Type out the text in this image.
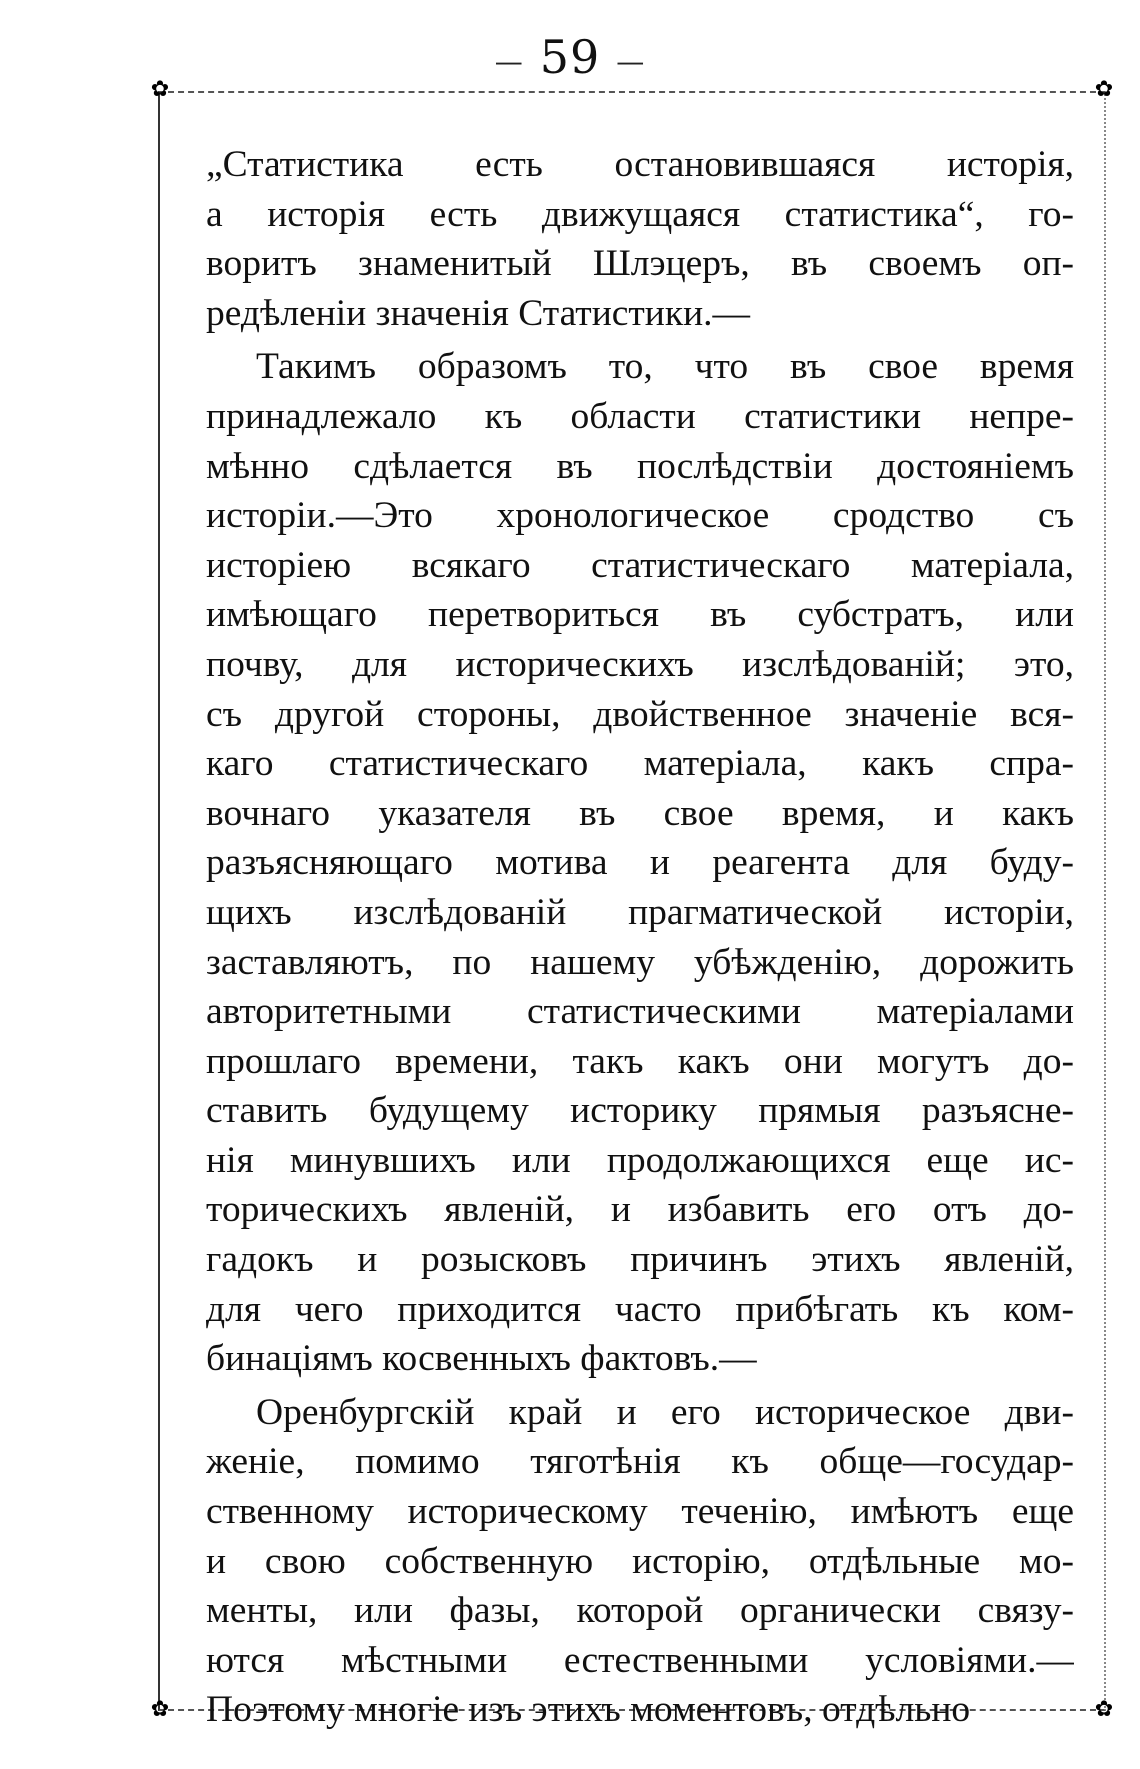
— 59 —
✿	✿
✿	✿
„Статистика есть остановившаяся исторія,
а исторія есть движущаяся статистика“, го-
воритъ знаменитый Шлэцеръ, въ своемъ оп-
редѣленіи значенія Статистики.—
Такимъ образомъ то, что въ свое время
принадлежало къ области статистики непре-
мѣнно сдѣлается въ послѣдствіи достояніемъ
исторіи.—Это хронологическое сродство съ
исторіею всякаго статистическаго матеріала,
имѣющаго перетвориться въ субстратъ, или
почву, для историческихъ изслѣдованій; это,
съ другой стороны, двойственное значеніе вся-
каго статистическаго матеріала, какъ спра-
вочнаго указателя въ свое время, и какъ
разъясняющаго мотива и реагента для буду-
щихъ изслѣдованій прагматической исторіи,
заставляютъ, по нашему убѣжденію, дорожить
авторитетными статистическими матеріалами
прошлаго времени, такъ какъ они могутъ до-
ставить будущему историку прямыя разъясне-
нія минувшихъ или продолжающихся еще ис-
торическихъ явленій, и избавить его отъ до-
гадокъ и розысковъ причинъ этихъ явленій,
для чего приходится часто прибѣгать къ ком-
бинаціямъ косвенныхъ фактовъ.—
Оренбургскій край и его историческое дви-
женіе, помимо тяготѣнія къ обще—государ-
ственному историческому теченію, имѣютъ еще
и свою собственную исторію, отдѣльные мо-
менты, или фазы, которой органически связу-
ются мѣстными естественными условіями.—
Поэтому многіе изъ этихъ моментовъ, отдѣльно
